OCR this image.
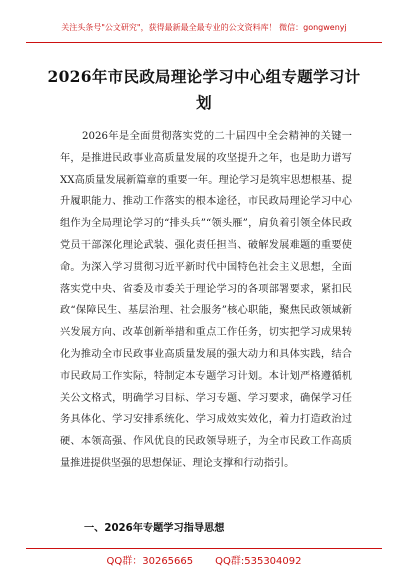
关注头条号"公文研究"，获得最新最全最专业的公文资料库！ 微信：gongwenyj
2026年市民政局理论学习中心组专题学习计划

2026年是全面贯彻落实党的二十届四中全会精神的关键一年，是推进民政事业高质量发展的攻坚提升之年，也是助力谱写XX高质量发展新篇章的重要一年。理论学习是筑牢思想根基、提升履职能力、推动工作落实的根本途径，市民政局理论学习中心组作为全局理论学习的“排头兵”“领头雁”，肩负着引领全体民政党员干部深化理论武装、强化责任担当、破解发展难题的重要使命。为深入学习贯彻习近平新时代中国特色社会主义思想，全面落实党中央、省委及市委关于理论学习的各项部署要求，紧扣民政“保障民生、基层治理、社会服务”核心职能，聚焦民政领域新兴发展方向、改革创新举措和重点工作任务，切实把学习成果转化为推动全市民政事业高质量发展的强大动力和具体实践，结合市民政局工作实际，特制定本专题学习计划。本计划严格遵循机关公文格式，明确学习目标、学习专题、学习要求，确保学习任务具体化、学习安排系统化、学习成效实效化，着力打造政治过硬、本领高强、作风优良的民政领导班子，为全市民政工作高质量推进提供坚强的思想保证、理论支撑和行动指引。

一、2026年专题学习指导思想
QQ群：30265665 QQ群:535304092
